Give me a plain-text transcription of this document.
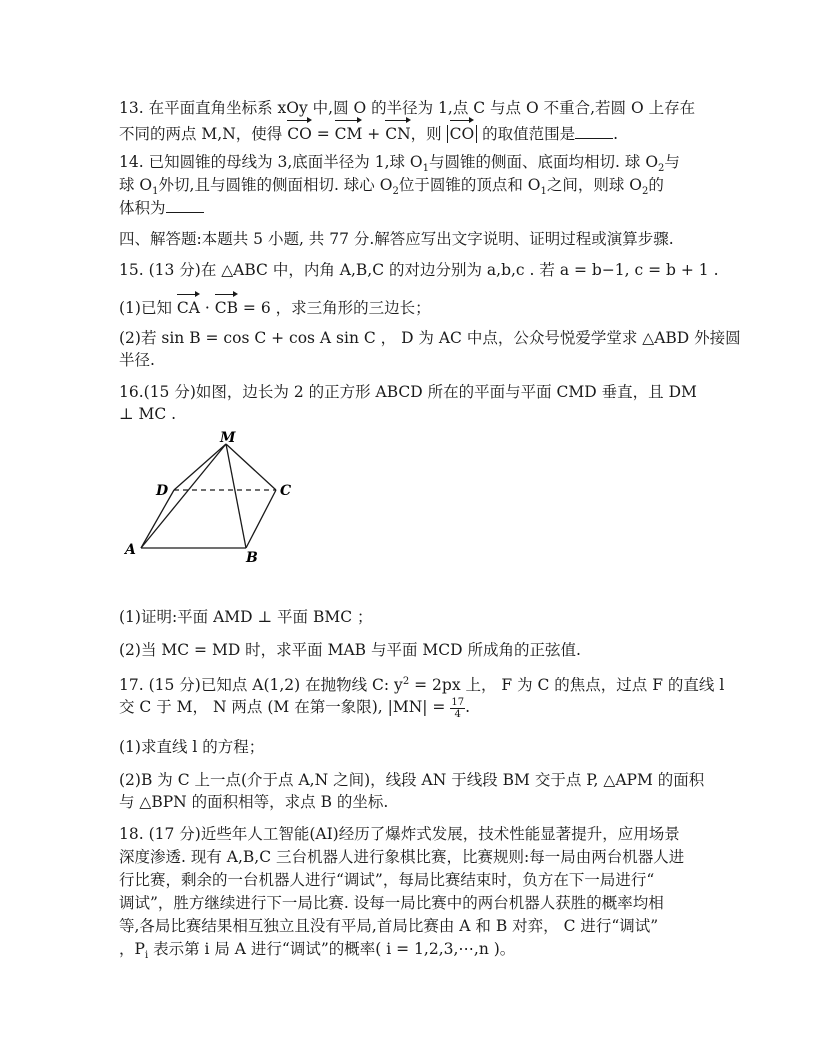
13. 在平面直角坐标系 xOy 中,圆 O 的半径为 1,点 C 与点 O 不重合,若圆 O 上存在

不同的两点 M,N，使得 CO = CM + CN，则 CO 的取值范围是 .

14. 已知圆锥的母线为 3,底面半径为 1,球 $O_1$与圆锥的侧面、底面均相切. 球 $O_2$与

球 $O_1$外切,且与圆锥的侧面相切. 球心 $O_2$位于圆锥的顶点和 $O_1$之间，则球 $O_2$的

体积为

四、解答题:本题共 5 小题, 共 77 分.解答应写出文字说明、证明过程或演算步骤.

15. (13 分)在 △ABC 中，内角 A,B,C 的对边分别为 a,b,c . 若 a = b−1, c = b + 1 .

(1)已知 CA · CB = 6 ，求三角形的三边长；

(2)若 sin B = cos C + cos A sin C ， D 为 AC 中点，公众号悦爱学堂求 △ABD 外接圆

半径.

16.(15 分)如图，边长为 2 的正方形 ABCD 所在的平面与平面 CMD 垂直，且 DM

⊥ MC .

M
D	C
A	B

(1)证明:平面 AMD ⊥ 平面 BMC ；

(2)当 MC = MD 时，求平面 MAB 与平面 MCD 所成角的正弦值.

17. (15 分)已知点 A(1,2) 在抛物线 C: $y^2 = 2px$ 上， F 为 C 的焦点，过点 F 的直线 l

交 C 于 M， N 两点 (M 在第一象限), $|MN| = \frac{17}{4}$ .

(1)求直线 l 的方程；

(2)B 为 C 上一点(介于点 A,N 之间)，线段 AN 于线段 BM 交于点 P, △APM 的面积

与 △BPN 的面积相等，求点 B 的坐标.

18. (17 分)近些年人工智能(AI)经历了爆炸式发展，技术性能显著提升，应用场景

深度渗透. 现有 A,B,C 三台机器人进行象棋比赛，比赛规则:每一局由两台机器人进

行比赛，剩余的一台机器人进行“调试”，每局比赛结束时，负方在下一局进行“

调试”，胜方继续进行下一局比赛. 设每一局比赛中的两台机器人获胜的概率均相

等,各局比赛结果相互独立且没有平局,首局比赛由 A 和 B 对弈， C 进行“调试”

，$P_i$ 表示第 i 局 A 进行“调试”的概率( i = 1,2,3,⋯,n )。
